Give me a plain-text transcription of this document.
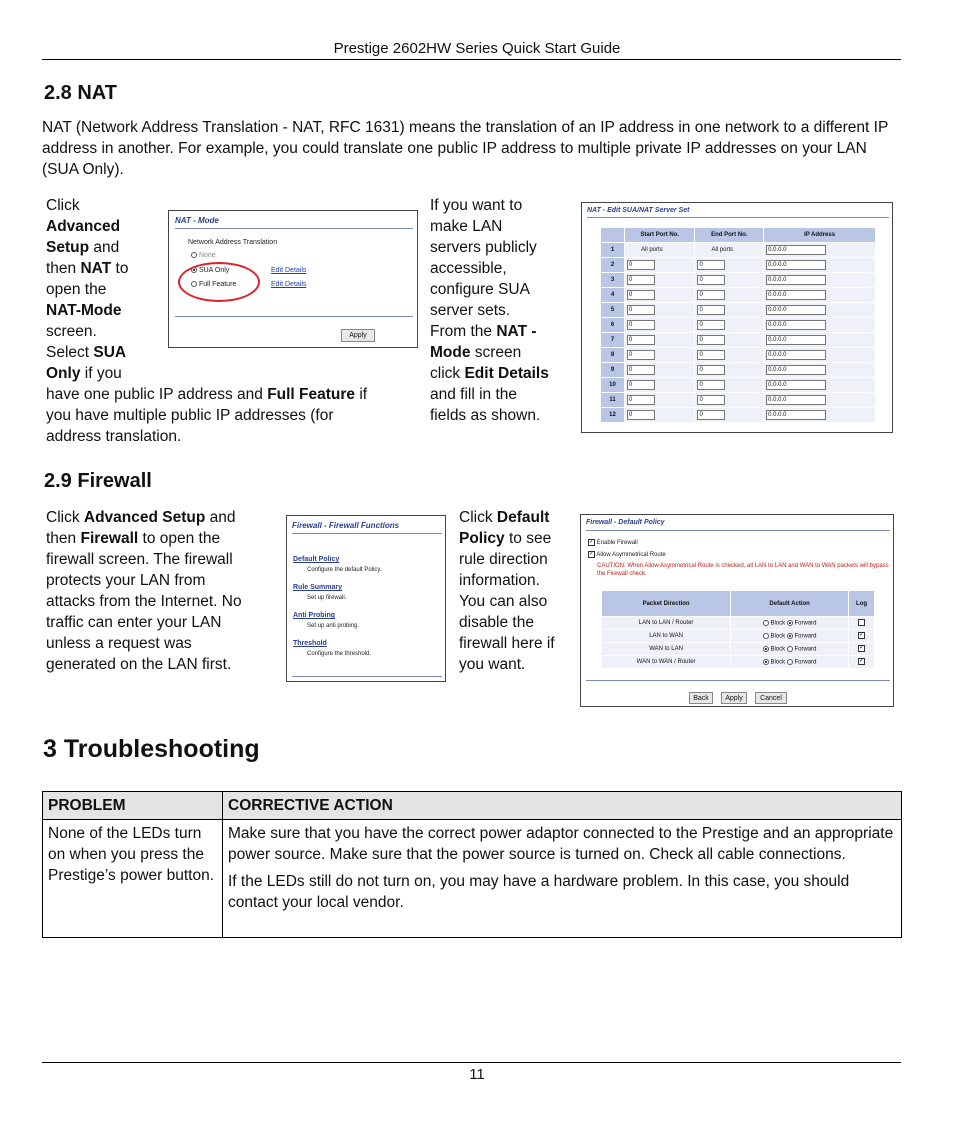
Prestige 2602HW Series Quick Start Guide
2.8 NAT

NAT (Network Address Translation - NAT, RFC 1631) means the translation of an IP address in one network to a different IP address in another. For example, you could translate one public IP address to multiple private IP addresses on your LAN (SUA Only).

Click
Advanced
Setup and
then NAT to
open the
NAT-Mode
screen.
Select SUA
Only if you
have one public IP address and Full Feature if
you have multiple public IP addresses (for
address translation.
NAT - Mode
Network Address Translation
None
SUA Only
Full Feature
Edit Details
Edit Details
Apply
If you want to
make LAN
servers publicly
accessible,
configure SUA
server sets.
From the NAT -
Mode screen
click Edit Details
and fill in the
fields as shown.
NAT - Edit SUA/NAT Server Set
	Start Port No.	End Port No.	IP Address
1	All ports	All ports	0.0.0.0
2	0	0	0.0.0.0
3	0	0	0.0.0.0
4	0	0	0.0.0.0
5	0	0	0.0.0.0
6	0	0	0.0.0.0
7	0	0	0.0.0.0
8	0	0	0.0.0.0
9	0	0	0.0.0.0
10	0	0	0.0.0.0
11	0	0	0.0.0.0
12	0	0	0.0.0.0
2.9 Firewall
Click Advanced Setup and
then Firewall to open the
firewall screen. The firewall
protects your LAN from
attacks from the Internet. No
traffic can enter your LAN
unless a request was
generated on the LAN first.
Firewall - Firewall Functions
Default Policy
Configure the default Policy.
Rule Summary
Set up firewall.
Anti Probing
Set up anti probing.
Threshold
Configure the threshold.
Click Default
Policy to see
rule direction
information.
You can also
disable the
firewall here if
you want.
Firewall - Default Policy
✓ Enable Firewall
✓ Allow Asymmetrical Route
CAUTION: When Allow Asymmetrical Route is checked, all LAN to LAN and WAN to WAN packets will bypass the Firewall check.
Packet Direction	Default Action	Log
LAN to LAN / Router	Block Forward	
LAN to WAN	Block Forward	✓
WAN to LAN	Block Forward	✓
WAN to WAN / Router	Block Forward	✓
Back	Apply	Cancel
3 Troubleshooting
PROBLEM	CORRECTIVE ACTION
None of the LEDs turn on when you press the Prestige’s power button.	Make sure that you have the correct power adaptor connected to the Prestige and an appropriate power source. Make sure that the power source is turned on. Check all cable connections.
If the LEDs still do not turn on, you may have a hardware problem. In this case, you should contact your local vendor.
11
